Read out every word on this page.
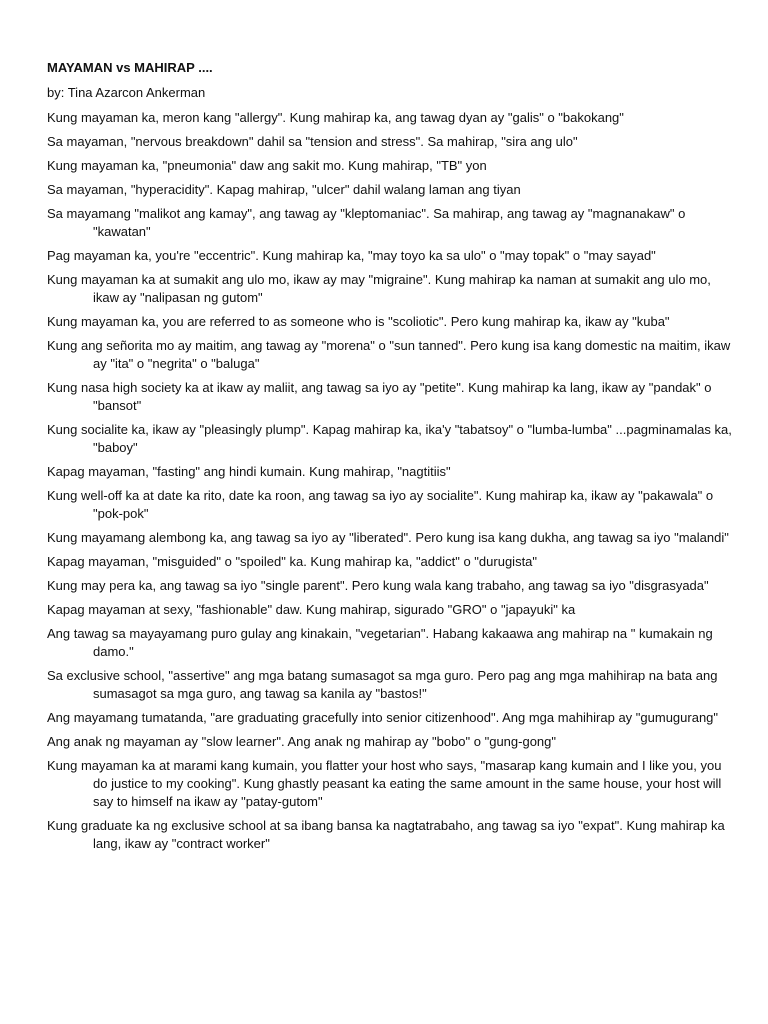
MAYAMAN vs MAHIRAP ....
by: Tina Azarcon Ankerman
Kung mayaman ka, meron kang "allergy". Kung mahirap ka, ang tawag dyan ay "galis" o "bakokang"
Sa mayaman, "nervous breakdown" dahil sa "tension and stress". Sa mahirap, "sira ang ulo"
Kung mayaman ka, "pneumonia" daw ang sakit mo. Kung mahirap, "TB" yon
Sa mayaman, "hyperacidity". Kapag mahirap, "ulcer" dahil walang laman ang tiyan
Sa mayamang "malikot ang kamay", ang tawag ay "kleptomaniac". Sa mahirap, ang tawag ay "magnanakaw" o "kawatan"
Pag mayaman ka, you're "eccentric". Kung mahirap ka, "may toyo ka sa ulo" o "may topak" o "may sayad"
Kung mayaman ka at sumakit ang ulo mo, ikaw ay may "migraine". Kung mahirap ka naman at sumakit ang ulo mo, ikaw ay "nalipasan ng gutom"
Kung mayaman ka, you are referred to as someone who is "scoliotic". Pero kung mahirap ka, ikaw ay "kuba"
Kung ang señorita mo ay maitim, ang tawag ay "morena" o "sun tanned". Pero kung isa kang domestic na maitim, ikaw ay "ita" o "negrita" o "baluga"
Kung nasa high society ka at ikaw ay maliit, ang tawag sa iyo ay "petite". Kung mahirap ka lang, ikaw ay "pandak" o "bansot"
Kung socialite ka, ikaw ay "pleasingly plump". Kapag mahirap ka, ika'y "tabatsoy" o "lumba-lumba" ...pagminamalas ka, "baboy"
Kapag mayaman, "fasting" ang hindi kumain. Kung mahirap, "nagtitiis"
Kung well-off ka at date ka rito, date ka roon, ang tawag sa iyo ay socialite". Kung mahirap ka, ikaw ay "pakawala" o "pok-pok"
Kung mayamang alembong ka, ang tawag sa iyo ay "liberated". Pero kung isa kang dukha, ang tawag sa iyo "malandi"
Kapag mayaman, "misguided" o "spoiled" ka. Kung mahirap ka, "addict" o "durugista"
Kung may pera ka, ang tawag sa iyo "single parent". Pero kung wala kang trabaho, ang tawag sa iyo "disgrasyada"
Kapag mayaman at sexy, "fashionable" daw. Kung mahirap, sigurado "GRO" o "japayuki" ka
Ang tawag sa mayayamang puro gulay ang kinakain, "vegetarian". Habang kakaawa ang mahirap na " kumakain ng damo."
Sa exclusive school, "assertive" ang mga batang sumasagot sa mga guro. Pero pag ang mga mahihirap na bata ang sumasagot sa mga guro, ang tawag sa kanila ay "bastos!"
Ang mayamang tumatanda, "are graduating gracefully into senior citizenhood". Ang mga mahihirap ay "gumugurang"
Ang anak ng mayaman ay "slow learner". Ang anak ng mahirap ay "bobo" o "gung-gong"
Kung mayaman ka at marami kang kumain, you flatter your host who says, "masarap kang kumain and I like you, you do justice to my cooking". Kung ghastly peasant ka eating the same amount in the same house, your host will say to himself na ikaw ay "patay-gutom"
Kung graduate ka ng exclusive school at sa ibang bansa ka nagtatrabaho, ang tawag sa iyo "expat". Kung mahirap ka lang, ikaw ay "contract worker"
